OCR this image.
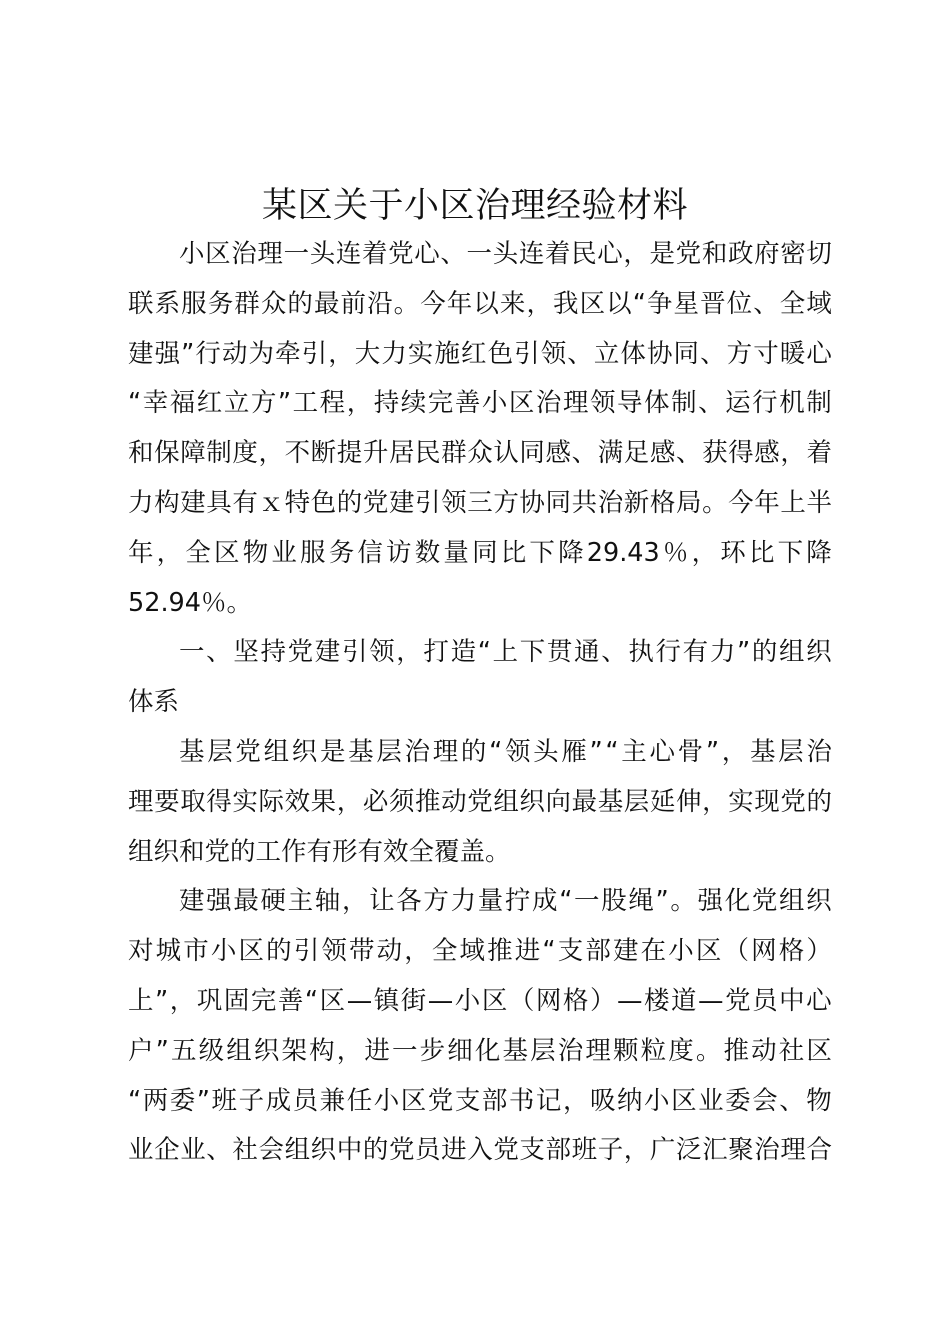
某区关于小区治理经验材料
小 区 治 理 一 头 连 着 党 心 、 一 头 连 着 民 心 ， 是 党 和 政 府 密 切
联 系 服 务 群 众 的 最 前 沿 。 今 年 以 来 ， 我 区 以 “ 争 星 晋 位 、 全 域
建 强 ” 行 动 为 牵 引 ， 大 力 实 施 红 色 引 领 、 立 体 协 同 、 方 寸 暖 心
“ 幸 福 红 立 方 ” 工 程 ， 持 续 完 善 小 区 治 理 领 导 体 制 、 运 行 机 制
和 保 障 制 度 ， 不 断 提 升 居 民 群 众 认 同 感 、 满 足 感 、 获 得 感 ， 着
力 构 建 具 有 ｘ 特 色 的 党 建 引 领 三 方 协 同 共 治 新 格 局 。 今 年 上 半
年 ， 全 区 物 业 服 务 信 访 数 量 同 比 下 降 29.43 ％ ， 环 比 下 降
52.94％。
一 、 坚 持 党 建 引 领 ， 打 造 “ 上 下 贯 通 、 执 行 有 力 ” 的 组 织
体系
基 层 党 组 织 是 基 层 治 理 的 “ 领 头 雁 ” “ 主 心 骨 ” ， 基 层 治
理 要 取 得 实 际 效 果 ， 必 须 推 动 党 组 织 向 最 基 层 延 伸 ， 实 现 党 的
组织和党的工作有形有效全覆盖。
建 强 最 硬 主 轴 ， 让 各 方 力 量 拧 成 “ 一 股 绳 ” 。 强 化 党 组 织
对 城 市 小 区 的 引 领 带 动 ， 全 域 推 进 “ 支 部 建 在 小 区 （ 网 格 ）
上 ” ， 巩 固 完 善 “ 区 — 镇 街 — 小 区 （ 网 格 ） — 楼 道 — 党 员 中 心
户 ” 五 级 组 织 架 构 ， 进 一 步 细 化 基 层 治 理 颗 粒 度 。 推 动 社 区
“ 两 委 ” 班 子 成 员 兼 任 小 区 党 支 部 书 记 ， 吸 纳 小 区 业 委 会 、 物
业 企 业 、 社 会 组 织 中 的 党 员 进 入 党 支 部 班 子 ， 广 泛 汇 聚 治 理 合
